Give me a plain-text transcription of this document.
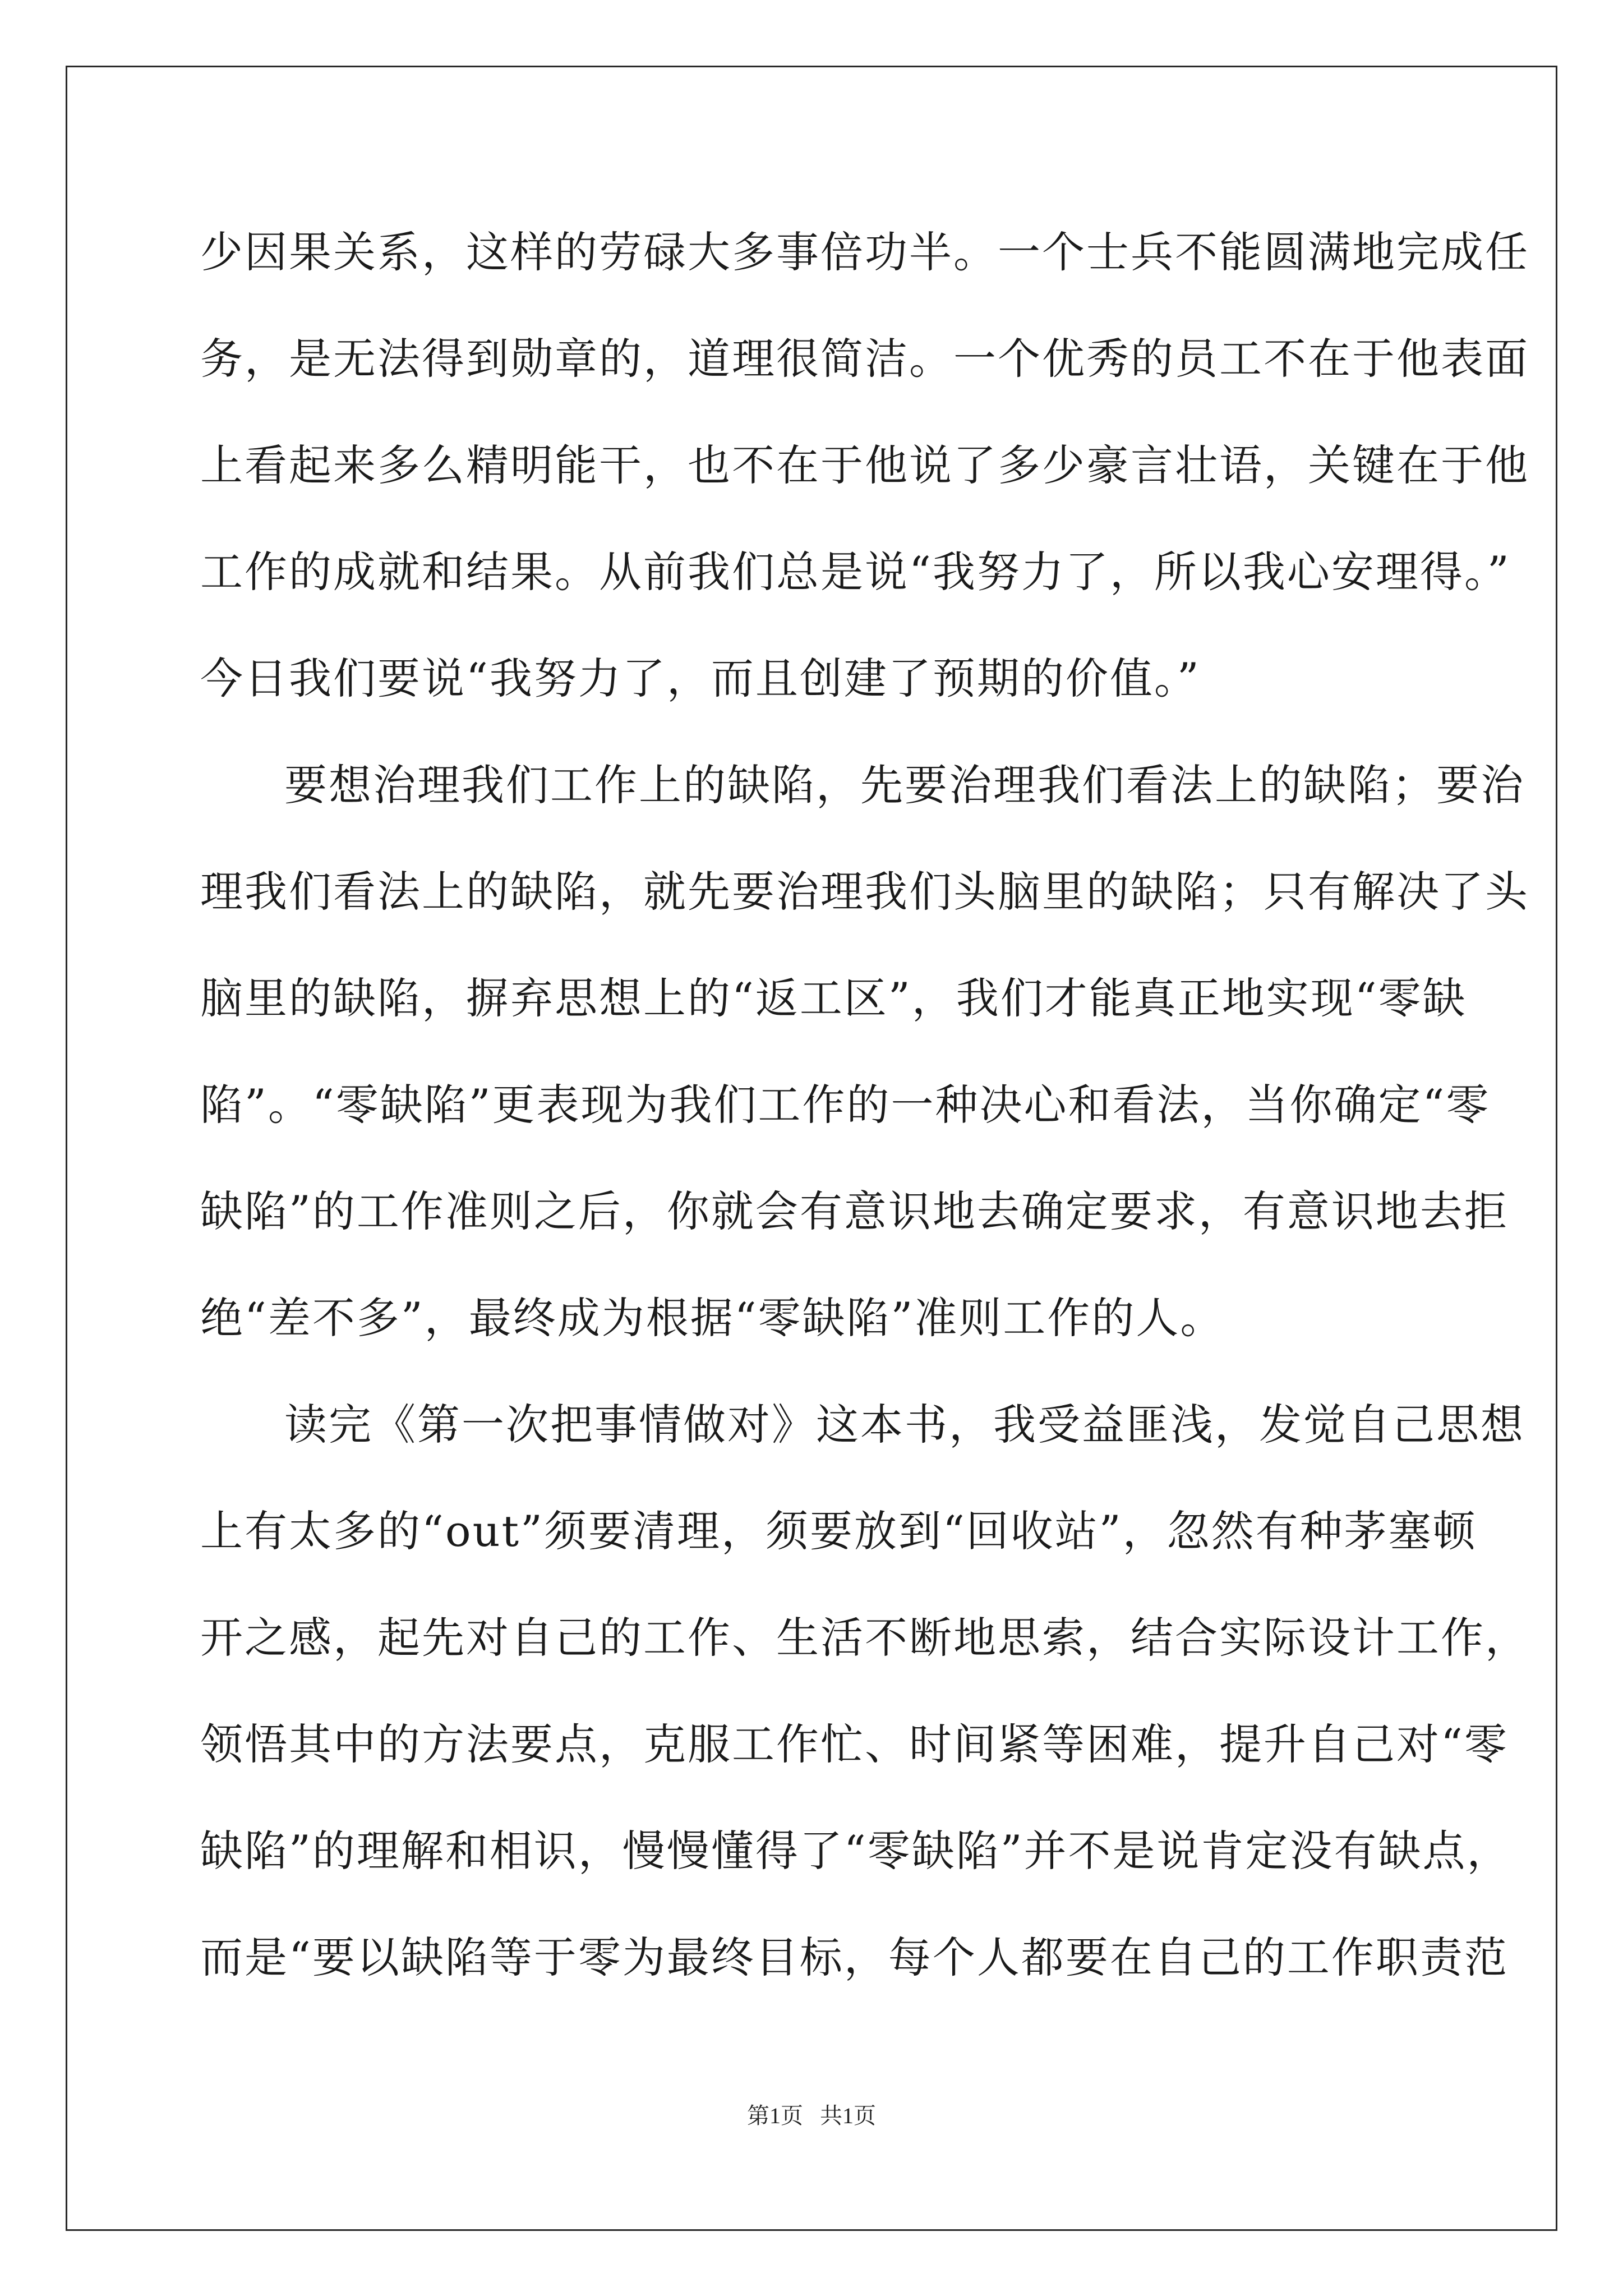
少因果关系，这样的劳碌大多事倍功半。一个士兵不能圆满地完成任
务，是无法得到勋章的，道理很简洁。一个优秀的员工不在于他表面
上看起来多么精明能干，也不在于他说了多少豪言壮语，关键在于他
工作的成就和结果。从前我们总是说“我努力了，所以我心安理得。”
今日我们要说“我努力了，而且创建了预期的价值。”
要想治理我们工作上的缺陷，先要治理我们看法上的缺陷；要治
理我们看法上的缺陷，就先要治理我们头脑里的缺陷；只有解决了头
脑里的缺陷，摒弃思想上的“返工区”，我们才能真正地实现“零缺
陷”。“零缺陷”更表现为我们工作的一种决心和看法，当你确定“零
缺陷”的工作准则之后，你就会有意识地去确定要求，有意识地去拒
绝“差不多”，最终成为根据“零缺陷”准则工作的人。
读完《第一次把事情做对》这本书，我受益匪浅，发觉自己思想
上有太多的“out”须要清理，须要放到“回收站”，忽然有种茅塞顿
开之感，起先对自己的工作、生活不断地思索，结合实际设计工作，
领悟其中的方法要点，克服工作忙、时间紧等困难，提升自己对“零
缺陷”的理解和相识，慢慢懂得了“零缺陷”并不是说肯定没有缺点，
而是“要以缺陷等于零为最终目标，每个人都要在自己的工作职责范
第1页   共1页
